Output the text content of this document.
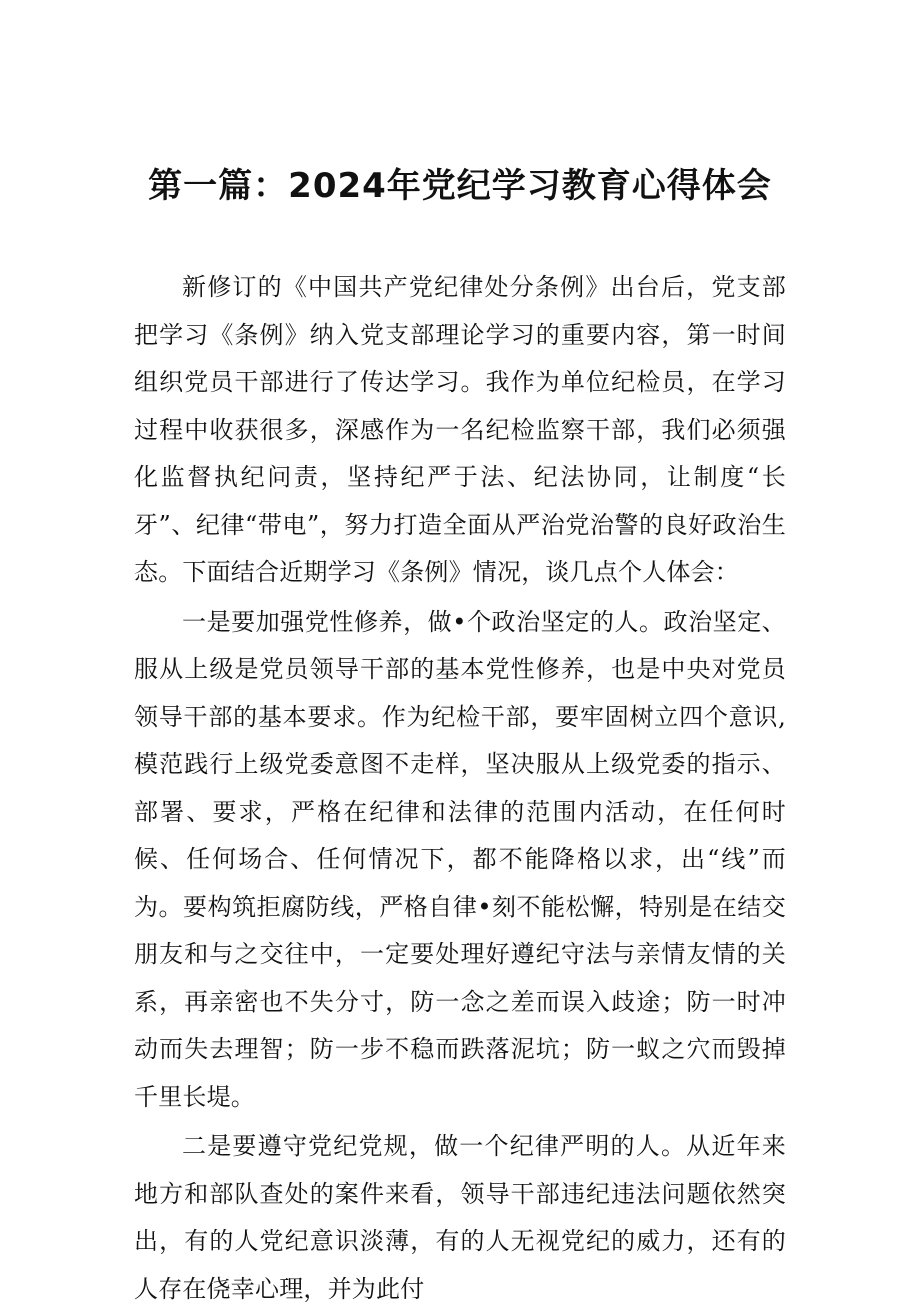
第一篇：2024年党纪学习教育心得体会

新修订的《中国共产党纪律处分条例》出台后，党支部把学习《条例》纳入党支部理论学习的重要内容，第一时间组织党员干部进行了传达学习。我作为单位纪检员，在学习过程中收获很多，深感作为一名纪检监察干部，我们必须强化监督执纪问责，坚持纪严于法、纪法协同，让制度“长牙”、纪律“带电”，努力打造全面从严治党治警的良好政治生态。下面结合近期学习《条例》情况，谈几点个人体会：

一是要加强党性修养，做•个政治坚定的人。政治坚定、服从上级是党员领导干部的基本党性修养，也是中央对党员领导干部的基本要求。作为纪检干部，要牢固树立四个意识,模范践行上级党委意图不走样，坚决服从上级党委的指示、部署、要求，严格在纪律和法律的范围内活动，在任何时候、任何场合、任何情况下，都不能降格以求，出“线”而为。要构筑拒腐防线，严格自律•刻不能松懈，特别是在结交朋友和与之交往中，一定要处理好遵纪守法与亲情友情的关系，再亲密也不失分寸，防一念之差而误入歧途；防一时冲动而失去理智；防一步不稳而跌落泥坑；防一蚁之穴而毁掉千里长堤。

二是要遵守党纪党规，做一个纪律严明的人。从近年来地方和部队查处的案件来看，领导干部违纪违法问题依然突出，有的人党纪意识淡薄，有的人无视党纪的威力，还有的人存在侥幸心理，并为此付
